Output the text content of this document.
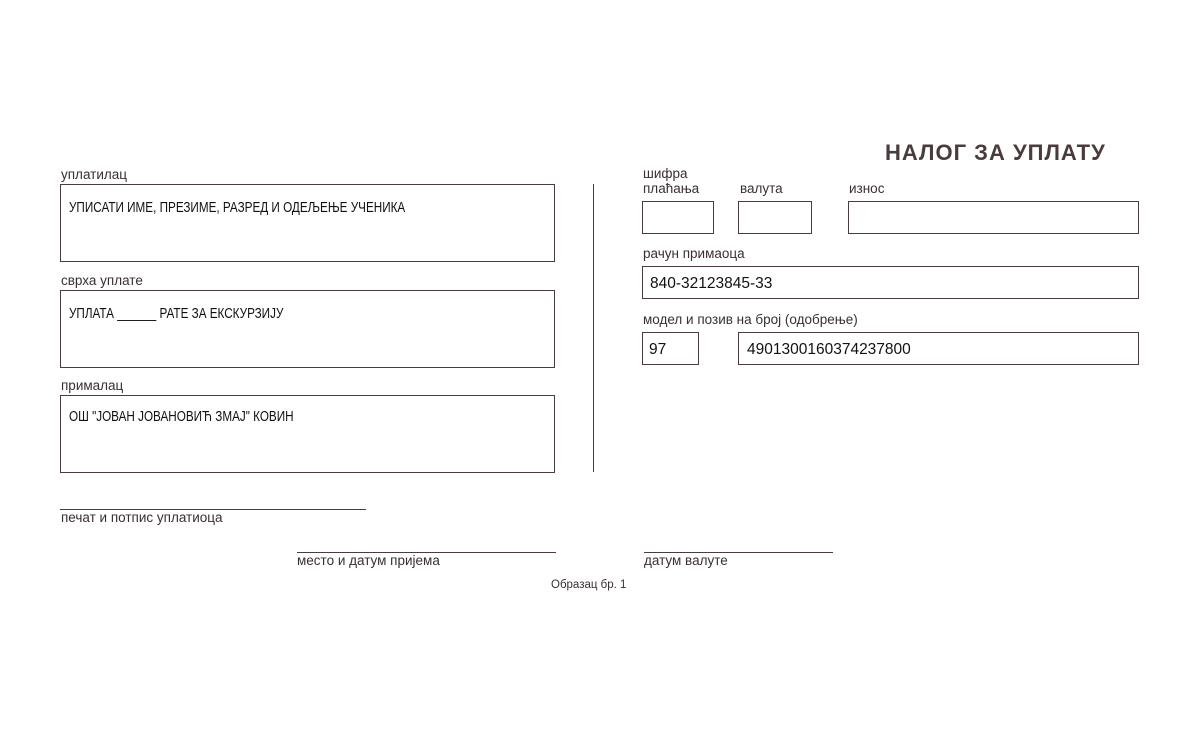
НАЛОГ ЗА УПЛАТУ
уплатилац
УПИСАТИ ИМЕ, ПРЕЗИМЕ, РАЗРЕД И ОДЕЉЕЊЕ УЧЕНИКА
сврха уплате
УПЛАТА ______ РАТЕ ЗА ЕКСКУРЗИЈУ
прималац
ОШ "ЈОВАН ЈОВАНОВИЋ ЗМАЈ" КОВИН
печат и потпис уплатиоца
шифра
плаћања	валута	износ
рачун примаоца
840-32123845-33
модел и позив на број (одобрење)
97	4901300160374237800
место и датум пријема	датум валуте
Образац бр. 1
